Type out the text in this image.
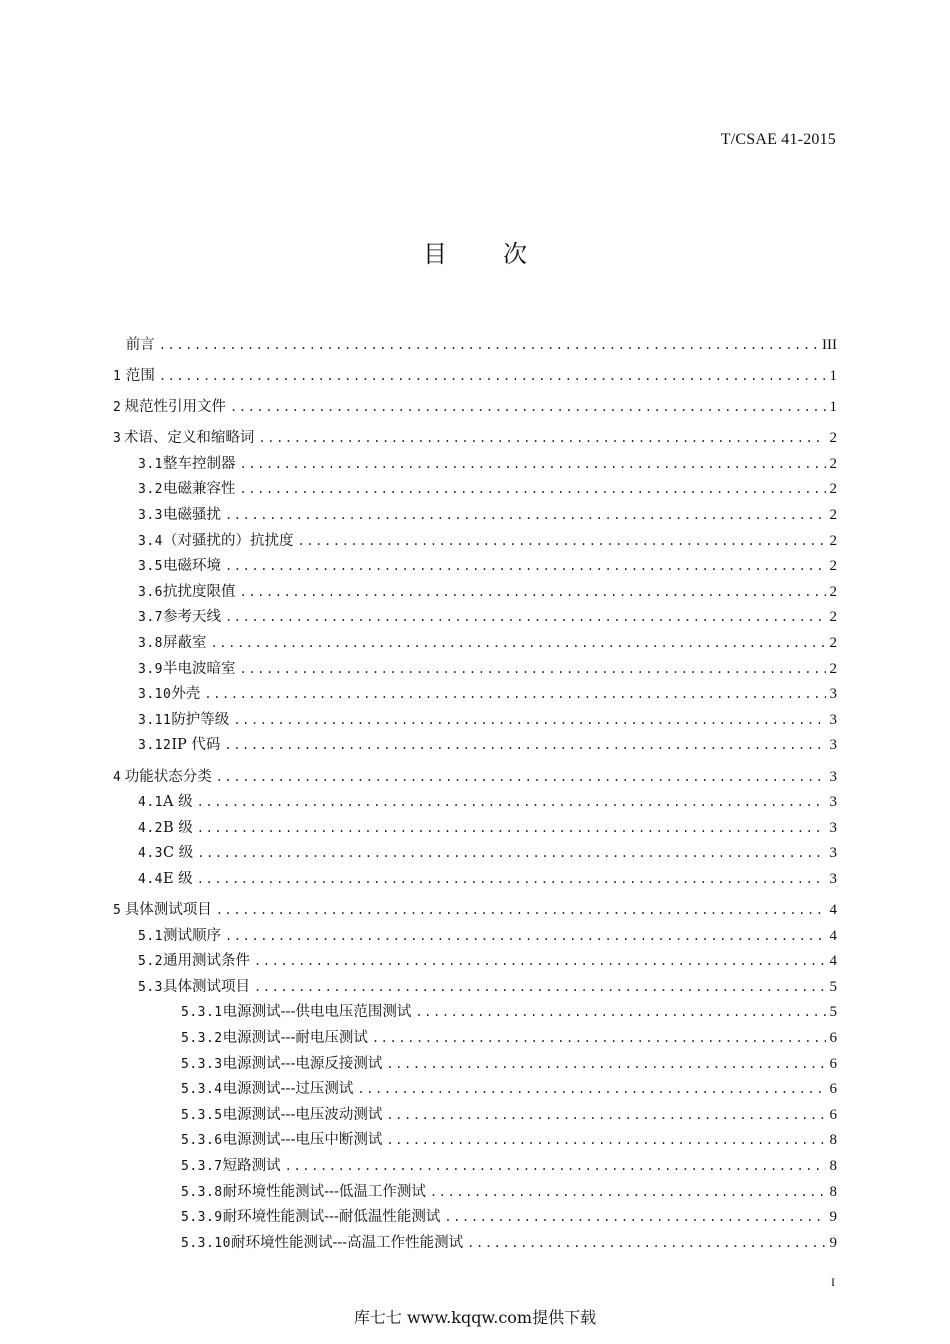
T/CSAE 41-2015
目 次
前言 .....	III
1 范围 .....	1
2 规范性引用文件 .....	1
3 术语、定义和缩略词 .....	2
3.1 整车控制器 .....	2
3.2 电磁兼容性 .....	2
3.3 电磁骚扰 .....	2
3.4 （对骚扰的）抗扰度 .....	2
3.5 电磁环境 .....	2
3.6 抗扰度限值 .....	2
3.7 参考天线 .....	2
3.8 屏蔽室 .....	2
3.9 半电波暗室 .....	2
3.10 外壳 .....	3
3.11 防护等级 .....	3
3.12 IP 代码 .....	3
4 功能状态分类 .....	3
4.1 A 级 .....	3
4.2 B 级 .....	3
4.3 C 级 .....	3
4.4 E 级 .....	3
5 具体测试项目 .....	4
5.1 测试顺序 .....	4
5.2 通用测试条件 .....	4
5.3 具体测试项目 .....	5
5.3.1 电源测试---供电电压范围测试 .....	5
5.3.2 电源测试---耐电压测试 .....	6
5.3.3 电源测试---电源反接测试 .....	6
5.3.4 电源测试---过压测试 .....	6
5.3.5 电源测试---电压波动测试 .....	6
5.3.6 电源测试---电压中断测试 .....	8
5.3.7 短路测试 .....	8
5.3.8 耐环境性能测试---低温工作测试 .....	8
5.3.9 耐环境性能测试---耐低温性能测试 .....	9
5.3.10 耐环境性能测试---高温工作性能测试 .....	9
I
库七七 www.kqqw.com提供下载
